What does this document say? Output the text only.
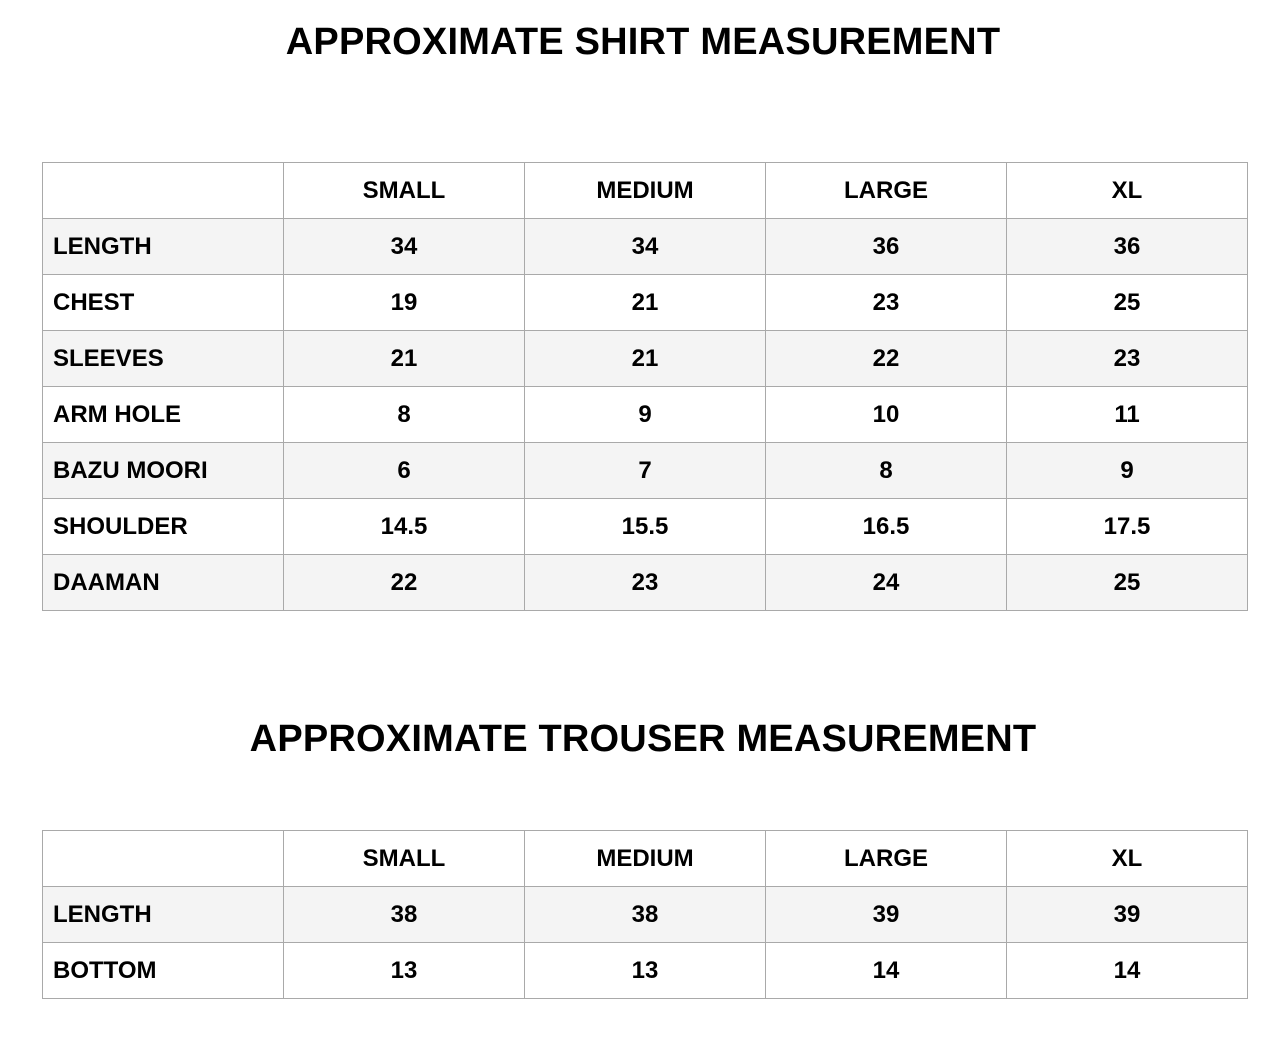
APPROXIMATE SHIRT MEASUREMENT
	SMALL	MEDIUM	LARGE	XL
LENGTH	34	34	36	36
CHEST	19	21	23	25
SLEEVES	21	21	22	23
ARM HOLE	8	9	10	11
BAZU MOORI	6	7	8	9
SHOULDER	14.5	15.5	16.5	17.5
DAAMAN	22	23	24	25
APPROXIMATE TROUSER MEASUREMENT
	SMALL	MEDIUM	LARGE	XL
LENGTH	38	38	39	39
BOTTOM	13	13	14	14
